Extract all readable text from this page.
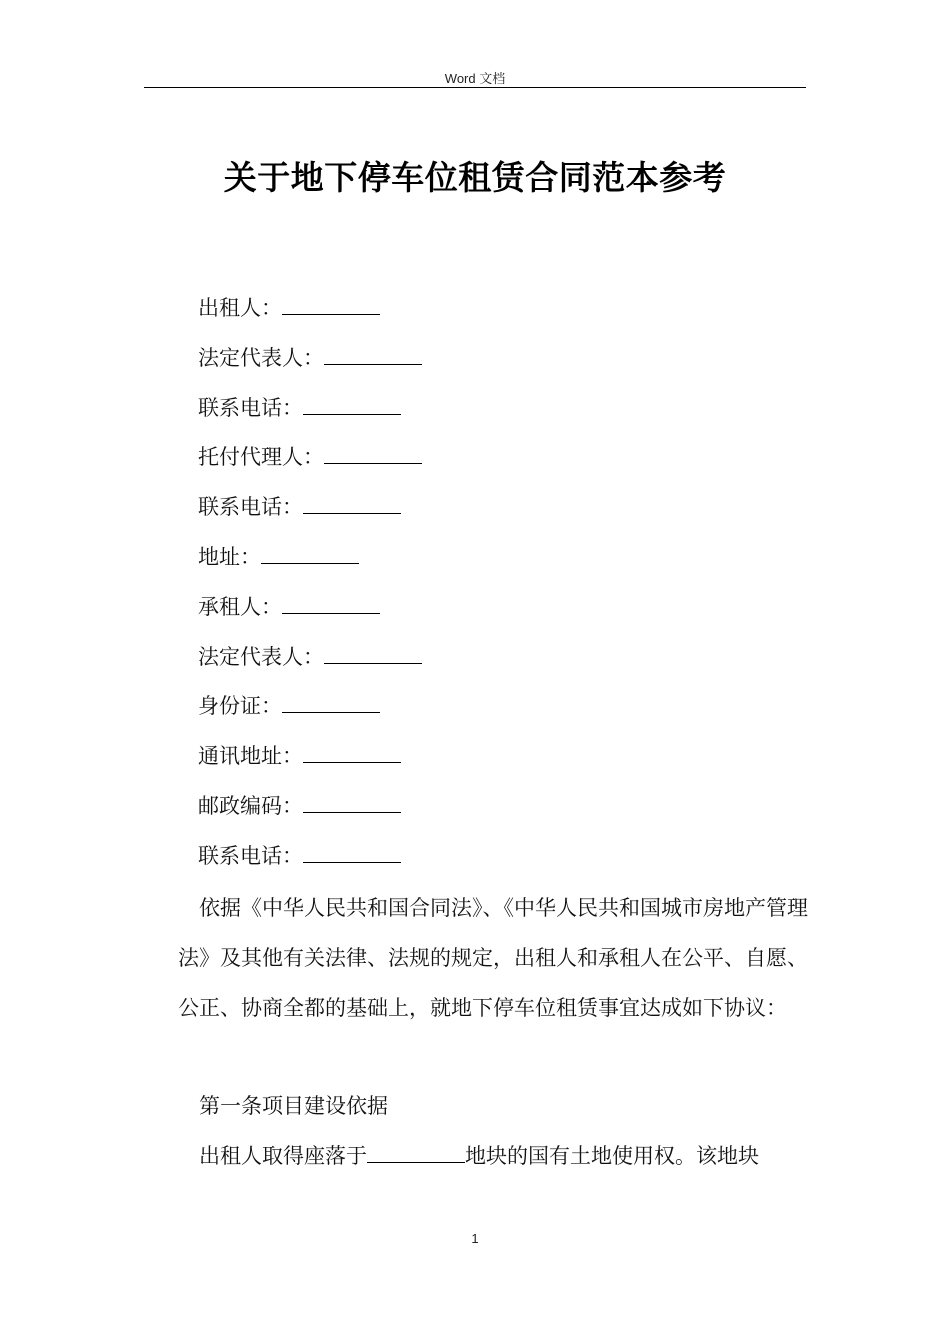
Word 文档
关于地下停车位租赁合同范本参考
出租人：
法定代表人：
联系电话：
托付代理人：
联系电话：
地址：
承租人：
法定代表人：
身份证：
通讯地址：
邮政编码：
联系电话：

依据《中华人民共和国合同法》、《中华人民共和国城市房地产管理法》及其他有关法律、法规的规定，出租人和承租人在公平、自愿、公正、协商全都的基础上，就地下停车位租赁事宜达成如下协议：

第一条项目建设依据

出租人取得座落于	地块的国有土地使用权。该地块

1
